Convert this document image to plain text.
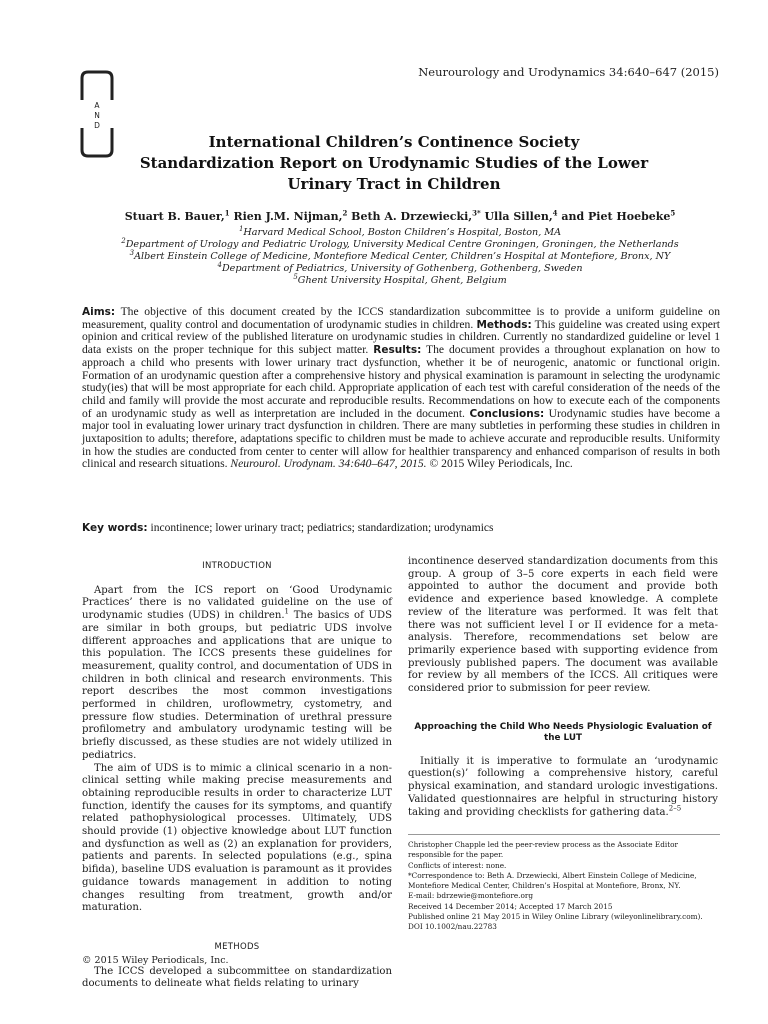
A
N
D
Neurourology and Urodynamics 34:640–647 (2015)
International Children’s Continence Society
Standardization Report on Urodynamic Studies of the Lower
Urinary Tract in Children
Stuart B. Bauer,$^1$ Rien J.M. Nijman,$^2$ Beth A. Drzewiecki,$^{3*}$ Ulla Sillen,$^4$ and Piet Hoebeke$^5$
$^1$Harvard Medical School, Boston Children’s Hospital, Boston, MA
$^2$Department of Urology and Pediatric Urology, University Medical Centre Groningen, Groningen, the Netherlands
$^3$Albert Einstein College of Medicine, Montefiore Medical Center, Children’s Hospital at Montefiore, Bronx, NY
$^4$Department of Pediatrics, University of Gothenberg, Gothenberg, Sweden
$^5$Ghent University Hospital, Ghent, Belgium
Aims: The objective of this document created by the ICCS standardization subcommittee is to provide a uniform guideline on measurement, quality control and documentation of urodynamic studies in children. Methods: This guideline was created using expert opinion and critical review of the published literature on urodynamic studies in children. Currently no standardized guideline or level 1 data exists on the proper technique for this subject matter. Results: The document provides a throughout explanation on how to approach a child who presents with lower urinary tract dysfunction, whether it be of neurogenic, anatomic or functional origin. Formation of an urodynamic question after a comprehensive history and physical examination is paramount in selecting the urodynamic study(ies) that will be most appropriate for each child. Appropriate application of each test with careful consideration of the needs of the child and family will provide the most accurate and reproducible results. Recommendations on how to execute each of the components of an urodynamic study as well as interpretation are included in the document. Conclusions: Urodynamic studies have become a major tool in evaluating lower urinary tract dysfunction in children. There are many subtleties in performing these studies in children in juxtaposition to adults; therefore, adaptations specific to children must be made to achieve accurate and reproducible results. Uniformity in how the studies are conducted from center to center will allow for healthier transparency and enhanced comparison of results in both clinical and research situations. Neurourol. Urodynam. 34:640–647, 2015. © 2015 Wiley Periodicals, Inc.
Key words: incontinence; lower urinary tract; pediatrics; standardization; urodynamics
INTRODUCTION

Apart from the ICS report on ‘Good Urodynamic Practices’ there is no validated guideline on the use of urodynamic studies (UDS) in children.$^1$ The basics of UDS are similar in both groups, but pediatric UDS involve different approaches and applications that are unique to this population. The ICCS presents these guidelines for measurement, quality control, and documentation of UDS in children in both clinical and research environments. This report describes the most common investigations performed in children, uroflowmetry, cystometry, and pressure flow studies. Determination of urethral pressure profilometry and ambulatory urodynamic testing will be briefly discussed, as these studies are not widely utilized in pediatrics.

The aim of UDS is to mimic a clinical scenario in a non-clinical setting while making precise measurements and obtaining reproducible results in order to characterize LUT function, identify the causes for its symptoms, and quantify related pathophysiological processes. Ultimately, UDS should provide (1) objective knowledge about LUT function and dysfunction as well as (2) an explanation for providers, patients and parents. In selected populations (e.g., spina bifida), baseline UDS evaluation is paramount as it provides guidance towards management in addition to noting changes resulting from treatment, growth and/or maturation.

METHODS

The ICCS developed a subcommittee on standardization documents to delineate what fields relating to urinary

incontinence deserved standardization documents from this group. A group of 3–5 core experts in each field were appointed to author the document and provide both evidence and experience based knowledge. A complete review of the literature was performed. It was felt that there was not sufficient level I or II evidence for a meta-analysis. Therefore, recommendations set below are primarily experience based with supporting evidence from previously published papers. The document was available for review by all members of the ICCS. All critiques were considered prior to submission for peer review.

Approaching the Child Who Needs Physiologic Evaluation of the LUT

Initially it is imperative to formulate an ‘urodynamic question(s)’ following a comprehensive history, careful physical examination, and standard urologic investigations. Validated questionnaires are helpful in structuring history taking and providing checklists for gathering data.$^{2-5}$

Christopher Chapple led the peer-review process as the Associate Editor responsible for the paper.
Conflicts of interest: none.
*Correspondence to: Beth A. Drzewiecki, Albert Einstein College of Medicine, Montefiore Medical Center, Children’s Hospital at Montefiore, Bronx, NY.
E-mail: bdrzewie@montefiore.org
Received 14 December 2014; Accepted 17 March 2015
Published online 21 May 2015 in Wiley Online Library (wileyonlinelibrary.com).
DOI 10.1002/nau.22783
© 2015 Wiley Periodicals, Inc.
